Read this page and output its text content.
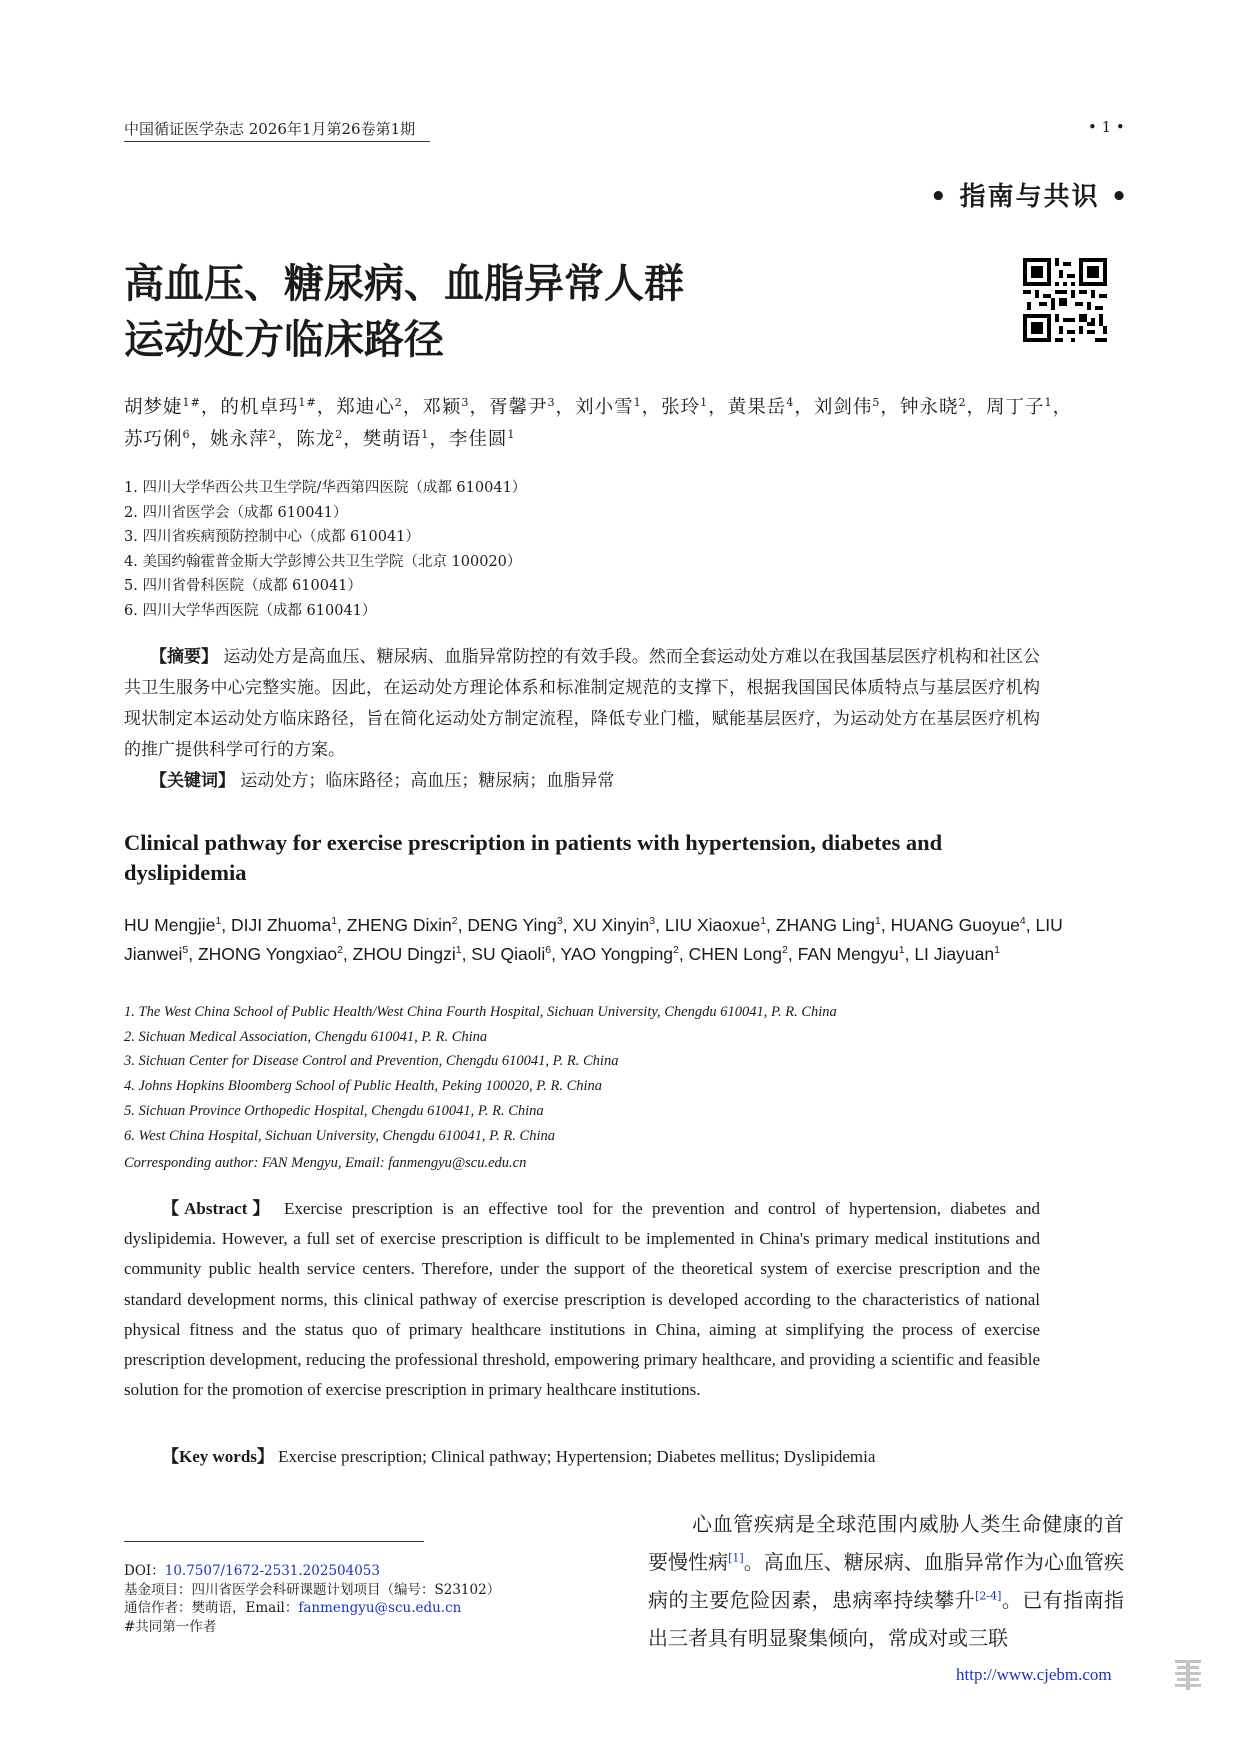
中国循证医学杂志 2026年1月第26卷第1期	• 1 •
• 指南与共识 •
高血压、糖尿病、血脂异常人群
运动处方临床路径
胡梦婕$^{1\#}$，的机卓玛$^{1\#}$，郑迪心$^2$，邓颖$^3$，胥馨尹$^3$，刘小雪$^1$，张玲$^1$，黄果岳$^4$，刘剑伟$^5$，钟永晓$^2$，周丁子$^1$，苏巧俐$^6$，姚永萍$^2$，陈龙$^2$，樊萌语$^1$，李佳圆$^1$
1. 四川大学华西公共卫生学院/华西第四医院（成都 610041）
2. 四川省医学会（成都 610041）
3. 四川省疾病预防控制中心（成都 610041）
4. 美国约翰霍普金斯大学彭博公共卫生学院（北京 100020）
5. 四川省骨科医院（成都 610041）
6. 四川大学华西医院（成都 610041）

【摘要】 运动处方是高血压、糖尿病、血脂异常防控的有效手段。然而全套运动处方难以在我国基层医疗机构和社区公共卫生服务中心完整实施。因此，在运动处方理论体系和标准制定规范的支撑下，根据我国国民体质特点与基层医疗机构现状制定本运动处方临床路径，旨在简化运动处方制定流程，降低专业门槛，赋能基层医疗，为运动处方在基层医疗机构的推广提供科学可行的方案。

【关键词】 运动处方；临床路径；高血压；糖尿病；血脂异常
Clinical pathway for exercise prescription in patients with hypertension, diabetes and dyslipidemia
HU Mengjie$^1$, DIJI Zhuoma$^1$, ZHENG Dixin$^2$, DENG Ying$^3$, XU Xinyin$^3$, LIU Xiaoxue$^1$, ZHANG Ling$^1$, HUANG Guoyue$^4$, LIU Jianwei$^5$, ZHONG Yongxiao$^2$, ZHOU Dingzi$^1$, SU Qiaoli$^6$, YAO Yongping$^2$, CHEN Long$^2$, FAN Mengyu$^1$, LI Jiayuan$^1$
1. The West China School of Public Health/West China Fourth Hospital, Sichuan University, Chengdu 610041, P. R. China
2. Sichuan Medical Association, Chengdu 610041, P. R. China
3. Sichuan Center for Disease Control and Prevention, Chengdu 610041, P. R. China
4. Johns Hopkins Bloomberg School of Public Health, Peking 100020, P. R. China
5. Sichuan Province Orthopedic Hospital, Chengdu 610041, P. R. China
6. West China Hospital, Sichuan University, Chengdu 610041, P. R. China
Corresponding author: FAN Mengyu, Email: fanmengyu@scu.edu.cn

【Abstract】 Exercise prescription is an effective tool for the prevention and control of hypertension, diabetes and dyslipidemia. However, a full set of exercise prescription is difficult to be implemented in China's primary medical institutions and community public health service centers. Therefore, under the support of the theoretical system of exercise prescription and the standard development norms, this clinical pathway of exercise prescription is developed according to the characteristics of national physical fitness and the status quo of primary healthcare institutions in China, aiming at simplifying the process of exercise prescription development, reducing the professional threshold, empowering primary healthcare, and providing a scientific and feasible solution for the promotion of exercise prescription in primary healthcare institutions.

【Key words】 Exercise prescription; Clinical pathway; Hypertension; Diabetes mellitus; Dyslipidemia
DOI：10.7507/1672-2531.202504053
基金项目：四川省医学会科研课题计划项目（编号：S23102）
通信作者：樊萌语，Email：fanmengyu@scu.edu.cn
#共同第一作者

心血管疾病是全球范围内威胁人类生命健康的首要慢性病[1]。高血压、糖尿病、血脂异常作为心血管疾病的主要危险因素，患病率持续攀升[2-4]。已有指南指出三者具有明显聚集倾向，常成对或三联

http://www.cjebm.com
